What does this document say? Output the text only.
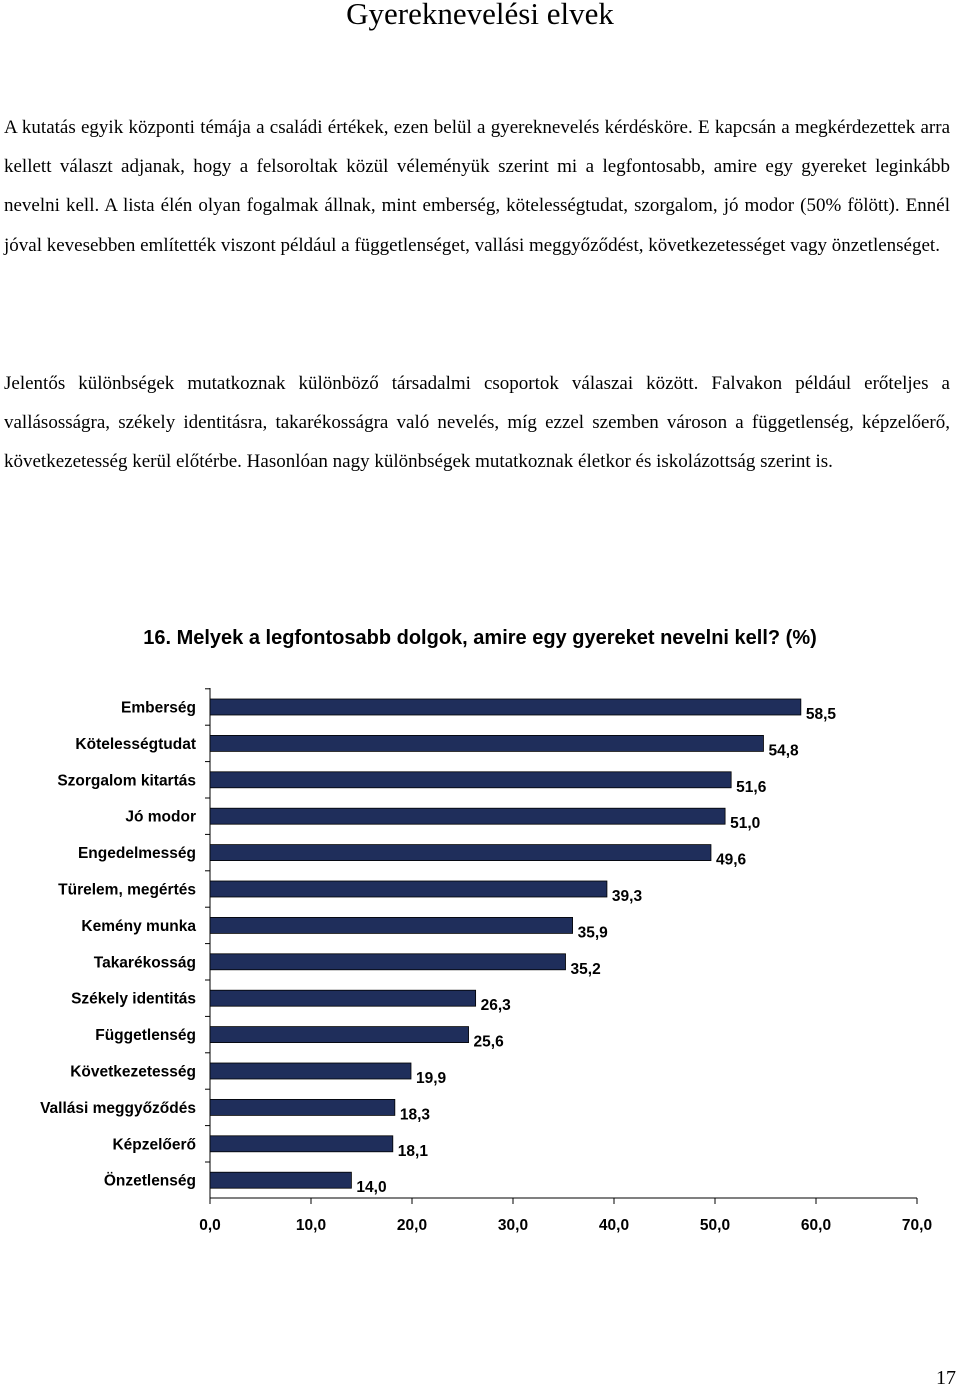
Gyereknevelési elvek

A kutatás egyik központi témája a családi értékek, ezen belül a gyereknevelés kérdésköre. E kapcsán a megkérdezettek arra kellett választ adjanak, hogy a felsoroltak közül véleményük szerint mi a legfontosabb, amire egy gyereket leginkább nevelni kell. A lista élén olyan fogalmak állnak, mint emberség, kötelességtudat, szorgalom, jó modor (50% fölött). Ennél jóval kevesebben említették viszont például a függetlenséget, vallási meggyőződést, következetességet vagy önzetlenséget.

Jelentős különbségek mutatkoznak különböző társadalmi csoportok válaszai között. Falvakon például erőteljes a vallásosságra, székely identitásra, takarékosságra való nevelés, míg ezzel szemben városon a függetlenség, képzelőerő, következetesség kerül előtérbe. Hasonlóan nagy különbségek mutatkoznak életkor és iskolázottság szerint is.

16. Melyek a legfontosabb dolgok, amire egy gyereket nevelni kell? (%)
0,0	10,0	20,0	30,0	40,0	50,0	60,0	70,0
Emberség	58,5
Kötelességtudat	54,8
Szorgalom kitartás	51,6
Jó modor	51,0
Engedelmesség	49,6
Türelem, megértés	39,3
Kemény munka	35,9
Takarékosság	35,2
Székely identitás	26,3
Függetlenség	25,6
Következetesség	19,9
Vallási meggyőződés	18,3
Képzelőerő	18,1
Önzetlenség	14,0

17
